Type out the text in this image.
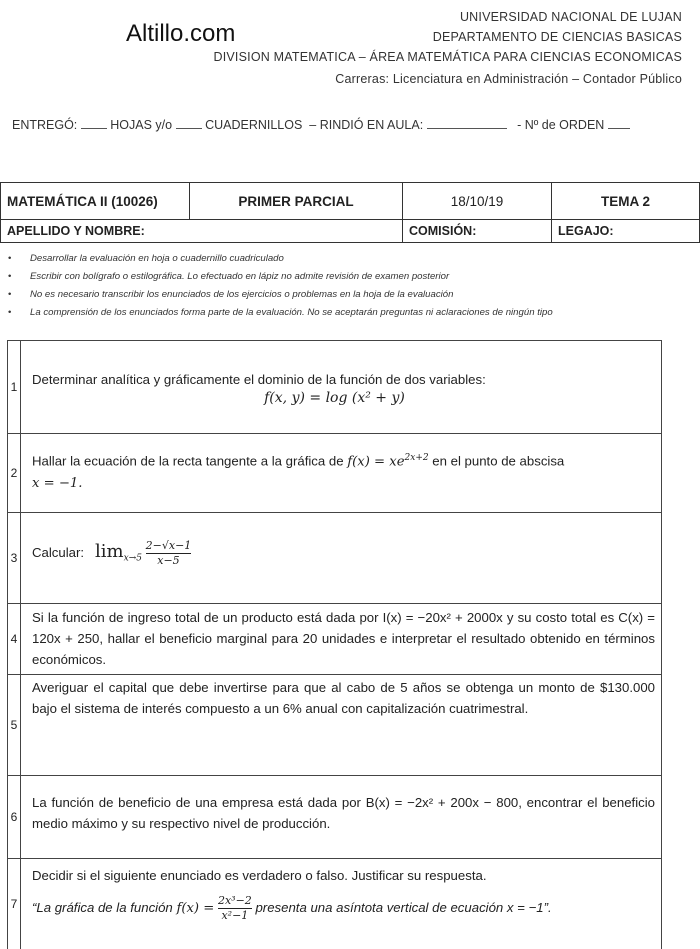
Altillo.com
UNIVERSIDAD NACIONAL DE LUJAN
DEPARTAMENTO DE CIENCIAS BASICAS
DIVISION MATEMATICA – ÁREA MATEMÁTICA PARA CIENCIAS ECONOMICAS
Carreras: Licenciatura en Administración – Contador Público
ENTREGÓ:	HOJAS y/o	CUADERNILLOS – RINDIÓ EN AULA:	- Nº de ORDEN
MATEMÁTICA II (10026)	PRIMER PARCIAL	18/10/19	TEMA 2
APELLIDO Y NOMBRE:		COMISIÓN:	LEGAJO:
• Desarrollar la evaluación en hoja o cuadernillo cuadriculado
• Escribir con bolígrafo o estilográfica. Lo efectuado en lápiz no admite revisión de examen posterior
• No es necesario transcribir los enunciados de los ejercicios o problemas en la hoja de la evaluación
• La comprensión de los enunciados forma parte de la evaluación. No se aceptarán preguntas ni aclaraciones de ningún tipo
1 Determinar analítica y gráficamente el dominio de la función de dos variables:
f(x, y) = log (x² + y)
2
Hallar la ecuación de la recta tangente a la gráfica de $f(x) = xe^{2x+2}$ en el punto de abscisa
x = −1.
3 Calcular: $\lim_{x\to 5} \frac{2-√x-1}{x-5}$
4
Si la función de ingreso total de un producto está dada por I(x) = −20x² + 2000x y su costo total es C(x) = 120x + 250, hallar el beneficio marginal para 20 unidades e interpretar el resultado obtenido en términos económicos.
5
Averiguar el capital que debe invertirse para que al cabo de 5 años se obtenga un monto de $130.000 bajo el sistema de interés compuesto a un 6% anual con capitalización cuatrimestral.
6
La función de beneficio de una empresa está dada por B(x) = −2x² + 200x − 800, encontrar el beneficio medio máximo y su respectivo nivel de producción.
7
Decidir si el siguiente enunciado es verdadero o falso. Justificar su respuesta.
“La gráfica de la función $f(x) = \frac{\text{2x³−2}}{\text{x²−1}}$ presenta una asíntota vertical de ecuación x = −1”.
